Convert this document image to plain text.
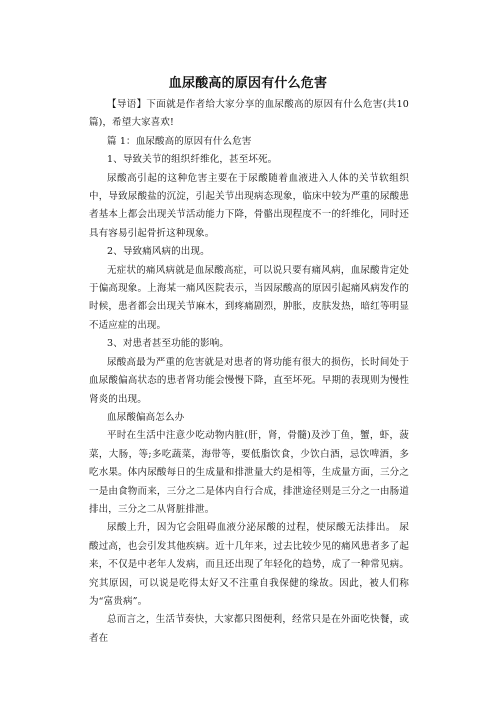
血尿酸高的原因有什么危害

【导语】下面就是作者给大家分享的血尿酸高的原因有什么危害(共10篇)，希望大家喜欢!

篇 1：血尿酸高的原因有什么危害

1、导致关节的组织纤维化，甚至坏死。

尿酸高引起的这种危害主要在于尿酸随着血液进入人体的关节软组织中，导致尿酸盐的沉淀，引起关节出现病态现象，临床中较为严重的尿酸患者基本上都会出现关节活动能力下降，骨骼出现程度不一的纤维化，同时还具有容易引起骨折这种现象。

2、导致痛风病的出现。

无症状的痛风病就是血尿酸高症，可以说只要有痛风病，血尿酸肯定处于偏高现象。上海某一痛风医院表示，当因尿酸高的原因引起痛风病发作的时候，患者都会出现关节麻木，到疼痛剧烈，肿胀，皮肤发热，暗红等明显不适应症的出现。

3、对患者甚至功能的影响。

尿酸高最为严重的危害就是对患者的肾功能有很大的损伤，长时间处于血尿酸偏高状态的患者肾功能会慢慢下降，直至坏死。早期的表现则为慢性肾炎的出现。

血尿酸偏高怎么办

平时在生活中注意少吃动物内脏(肝，肾，骨髓)及沙丁鱼，蟹，虾，菠菜，大肠，等;多吃蔬菜，海带等，要低脂饮食，少饮白酒，忌饮啤酒，多吃水果。体内尿酸每日的生成量和排泄量大约是相等，生成量方面，三分之一是由食物而来，三分之二是体内自行合成，排泄途径则是三分之一由肠道排出，三分之二从肾脏排泄。

尿酸上升，因为它会阻碍血液分泌尿酸的过程，使尿酸无法排出。 尿酸过高，也会引发其他疾病。近十几年来，过去比较少见的痛风患者多了起来，不仅是中老年人发病，而且还出现了年轻化的趋势，成了一种常见病。究其原因，可以说是吃得太好又不注重自我保健的缘故。因此，被人们称为“富贵病”。

总而言之，生活节奏快，大家都只图便利，经常只是在外面吃快餐，或者在
